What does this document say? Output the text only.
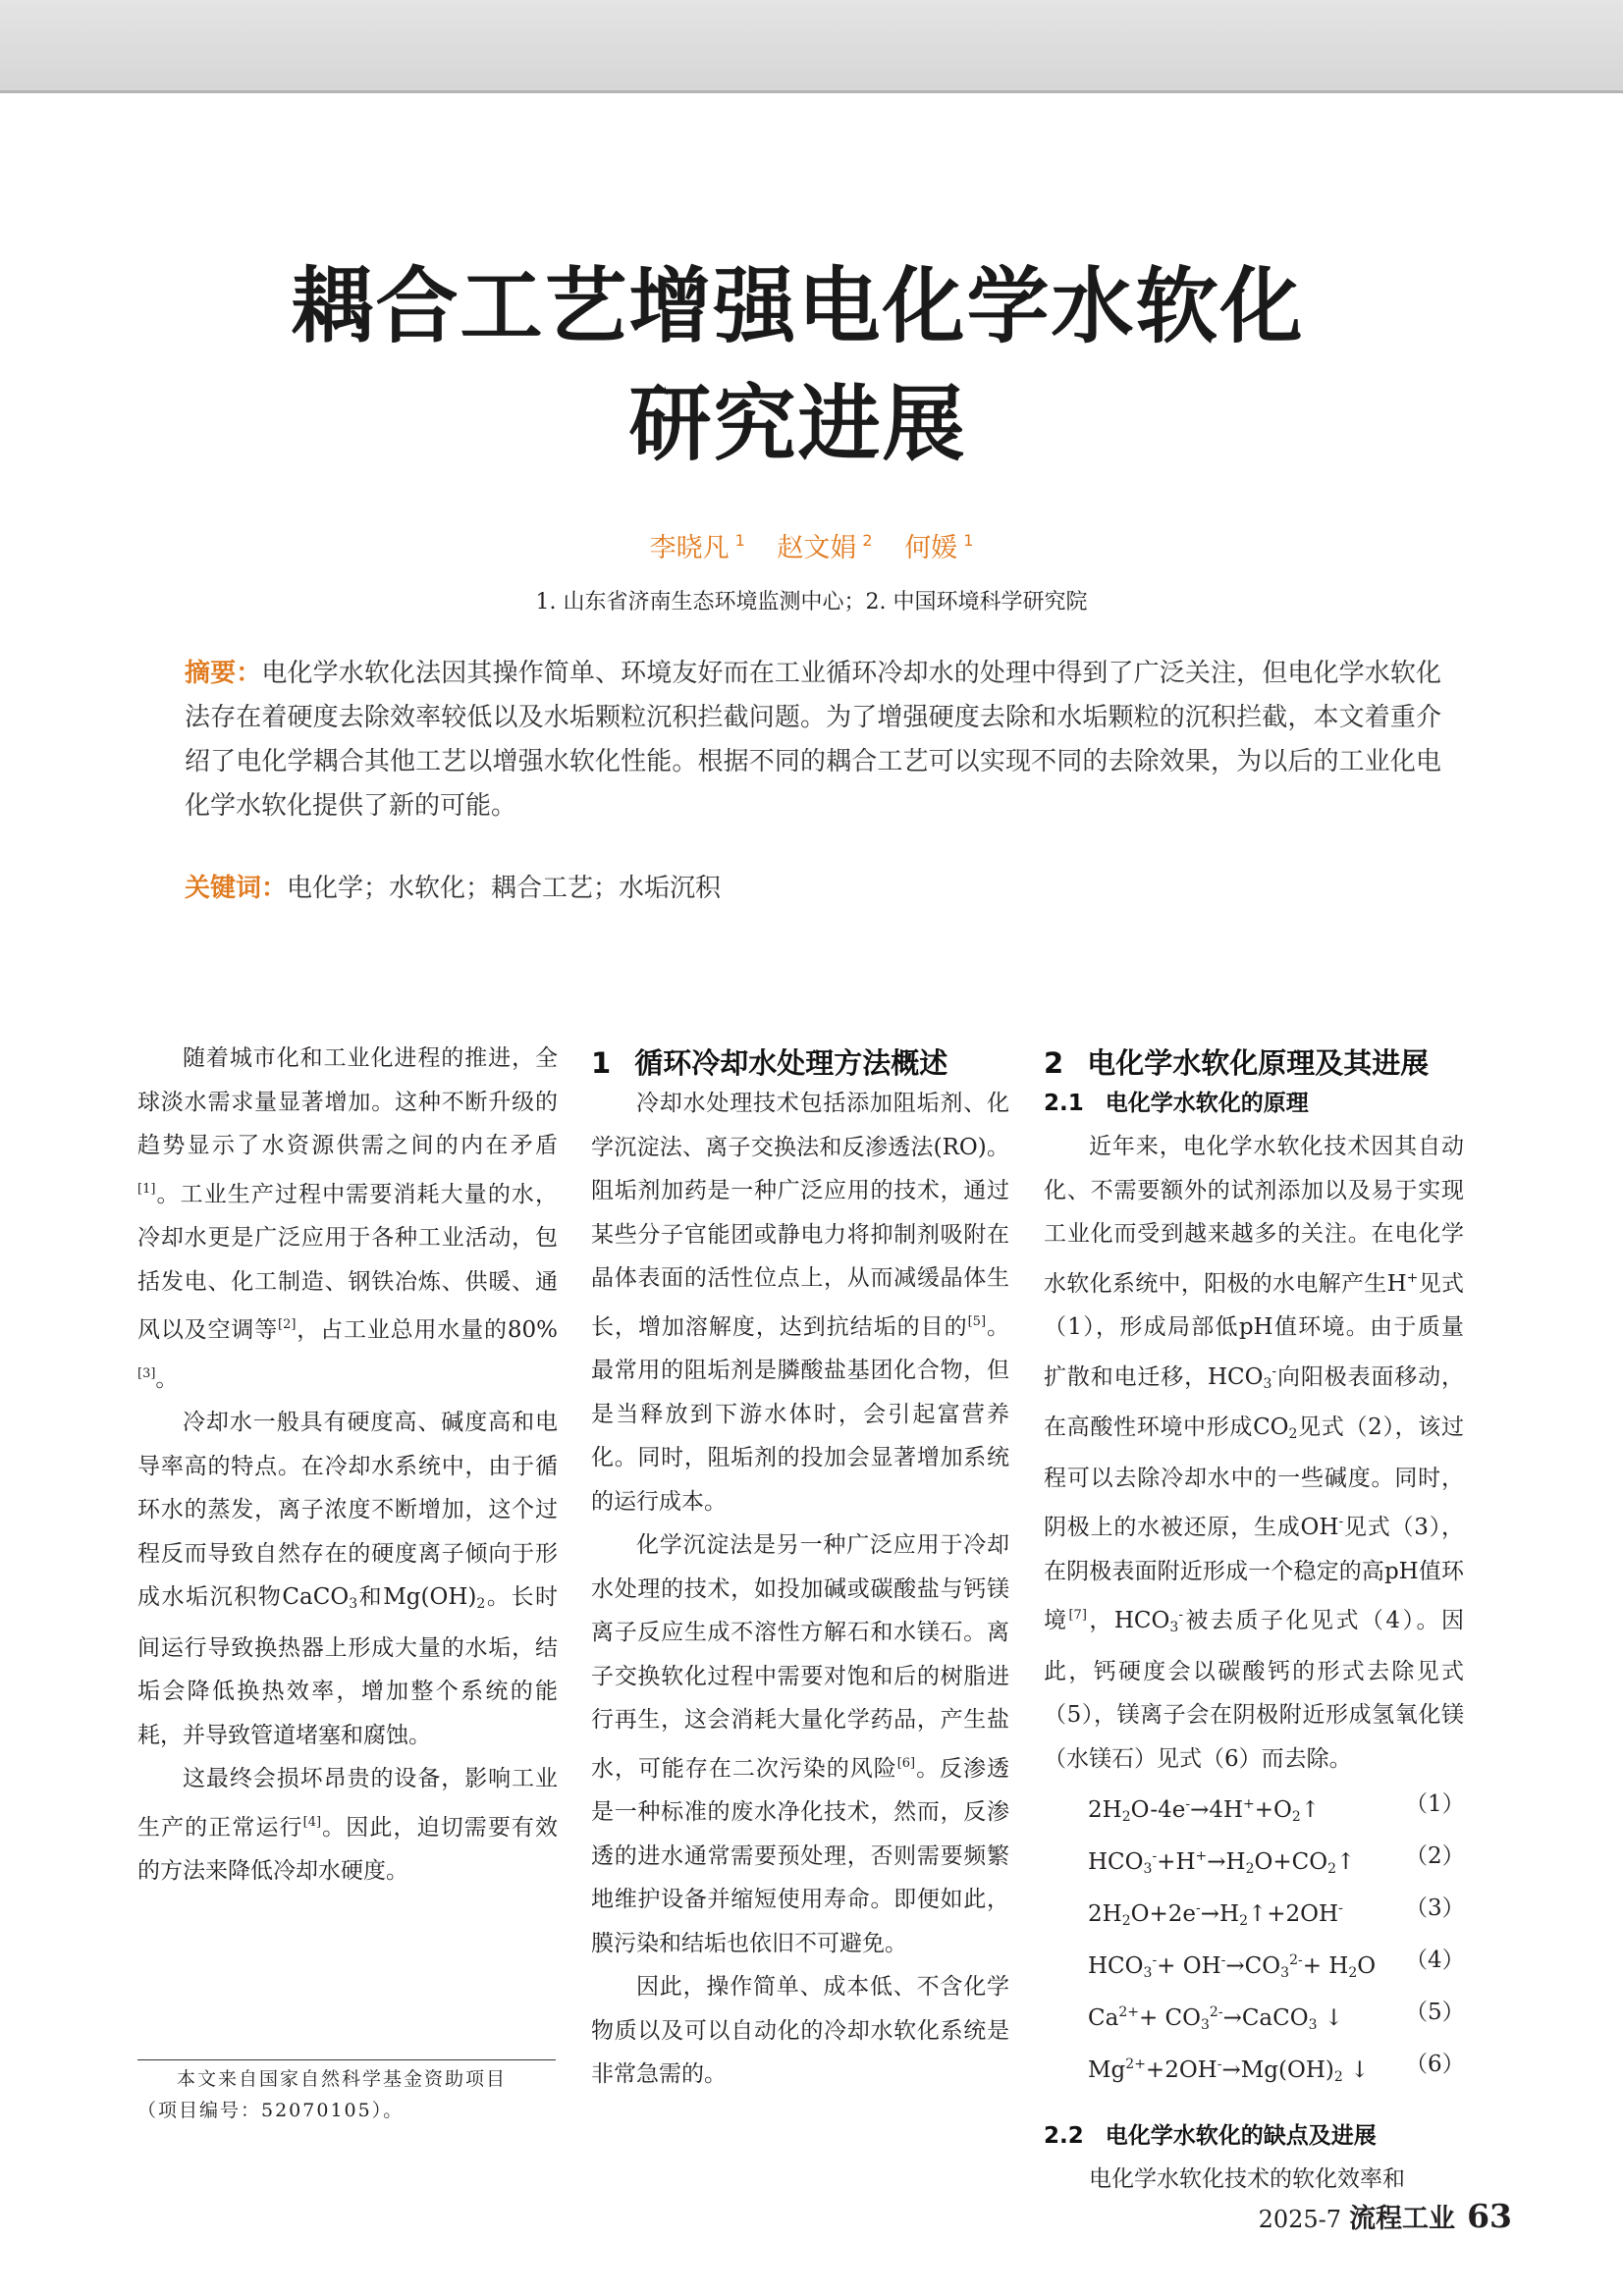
耦合工艺增强电化学水软化
研究进展
李晓凡 $^1$ 赵文娟 $^2$ 何媛 $^1$
1. 山东省济南生态环境监测中心；2. 中国环境科学研究院

摘要：电化学水软化法因其操作简单、环境友好而在工业循环冷却水的处理中得到了广泛关注，但电化学水软化法存在着硬度去除效率较低以及水垢颗粒沉积拦截问题。为了增强硬度去除和水垢颗粒的沉积拦截，本文着重介绍了电化学耦合其他工艺以增强水软化性能。根据不同的耦合工艺可以实现不同的去除效果，为以后的工业化电化学水软化提供了新的可能。

关键词：电化学；水软化；耦合工艺；水垢沉积

随着城市化和工业化进程的推进，全球淡水需求量显著增加。这种不断升级的趋势显示了水资源供需之间的内在矛盾[1]。工业生产过程中需要消耗大量的水，冷却水更是广泛应用于各种工业活动，包括发电、化工制造、钢铁冶炼、供暖、通风以及空调等[2]，占工业总用水量的80%[3]。

冷却水一般具有硬度高、碱度高和电导率高的特点。在冷却水系统中，由于循环水的蒸发，离子浓度不断增加，这个过程反而导致自然存在的硬度离子倾向于形成水垢沉积物CaCO$_3$和$Mg(OH)_2$。长时间运行导致换热器上形成大量的水垢，结垢会降低换热效率，增加整个系统的能耗，并导致管道堵塞和腐蚀。

这最终会损坏昂贵的设备，影响工业生产的正常运行[4]。因此，迫切需要有效的方法来降低冷却水硬度。

1 循环冷却水处理方法概述

冷却水处理技术包括添加阻垢剂、化学沉淀法、离子交换法和反渗透法(RO)。阻垢剂加药是一种广泛应用的技术，通过某些分子官能团或静电力将抑制剂吸附在晶体表面的活性位点上，从而减缓晶体生长，增加溶解度，达到抗结垢的目的[5]。最常用的阻垢剂是膦酸盐基团化合物，但是当释放到下游水体时，会引起富营养化。同时，阻垢剂的投加会显著增加系统的运行成本。

化学沉淀法是另一种广泛应用于冷却水处理的技术，如投加碱或碳酸盐与钙镁离子反应生成不溶性方解石和水镁石。离子交换软化过程中需要对饱和后的树脂进行再生，这会消耗大量化学药品，产生盐水，可能存在二次污染的风险[6]。反渗透是一种标准的废水净化技术，然而，反渗透的进水通常需要预处理，否则需要频繁地维护设备并缩短使用寿命。即便如此，膜污染和结垢也依旧不可避免。

因此，操作简单、成本低、不含化学物质以及可以自动化的冷却水软化系统是非常急需的。

2 电化学水软化原理及其进展
2.1 电化学水软化的原理

近年来，电化学水软化技术因其自动化、不需要额外的试剂添加以及易于实现工业化而受到越来越多的关注。在电化学水软化系统中，阳极的水电解产生H+见式（1），形成局部低pH值环境。由于质量扩散和电迁移，$HCO_3^-$向阳极表面移动，在高酸性环境中形成$CO_2$见式（2），该过程可以去除冷却水中的一些碱度。同时，阴极上的水被还原，生成OH-见式（3），在阴极表面附近形成一个稳定的高pH值环境[7]，$HCO_3^-$被去质子化见式（4）。因此，钙硬度会以碳酸钙的形式去除见式（5），镁离子会在阴极附近形成氢氧化镁（水镁石）见式（6）而去除。

$2H_2O-4e^-\to 4H^++O_2↑$	（1）
$HCO_3^-+H^+\to H_2O+CO_2↑$ （2）
$2H_2O+2e^-\to H_2↑+2OH^-$	（3）
$HCO_3^-+ OH^-\to CO_3^{2-}+ H_2O$ （4）
$Ca^{2+}+$ $CO_3^{2-}\to CaCO_3$ ↓	（5）
$Mg^{2+}+2OH^-\to Mg(OH)_2$ ↓ （6）
2.2 电化学水软化的缺点及进展

电化学水软化技术的软化效率和

本文来自国家自然科学基金资助项目
（项目编号：52070105）。

2025-7 流程工业 63
